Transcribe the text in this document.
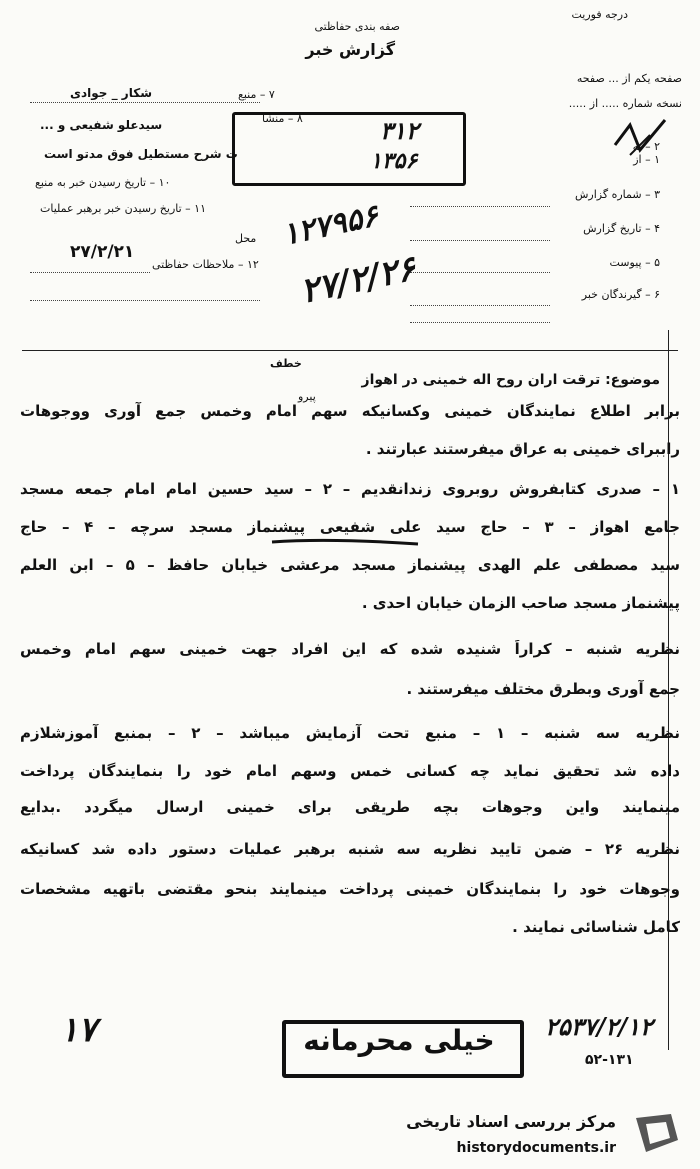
درجه فوریت
صفه بندی حفاظتی
گزارش خبر
صفحه یکم از ... صفحه
نسخه شماره ..... از .....
۱ – از
۲ – به
۳ – شماره گزارش
۴ – تاریخ گزارش
۵ – پیوست
۶ – گیرندگان خبر
۷ – منبع
شكار _ جوادی
۸ – منشا
سیدعلو شفیعی و ...
ت شرح مستطیل فوق مدتو است
۱۰ – تاریخ رسیدن خبر به منبع
۱۱ – تاریخ رسیدن خبر برهبر عملیات
محل
۲۷/۲/۲۱
۱۲ – ملاحظات حفاظتی
۳۱۲
۱۳۵۶
۱۲۷۹۵۶
۲۷/۲/۲۶
خطف
موضوع: ترقت اران روح اله خمینی در اهواز
پیرو
برابر اطلاع نمایندگان خمینی وکسانیکه سهم امام وخمس جمع آوری ووجوهات
راببرای خمینی به عراق میفرستند عبارتند .
۱ – صدری کتابفروش روبروی زندانقدیم – ۲ – سید حسین امام امام جمعه مسجد
جامع اهواز – ۳ – حاج سید علی شفیعی پیشنماز مسجد سرچه – ۴ – حاج
سید مصطفی علم الهدی پیشنماز مسجد مرعشی خیابان حافظ – ۵ – ابن العلم
پیشنماز مسجد صاحب الزمان خیابان احدی .
نظریه شنبه – کراراً شنیده شده که این افراد جهت خمینی سهم امام وخمس
جمع آوری وبطرق مختلف میفرستند .
نظریه سه شنبه – ۱ – منبع تحت آزمایش میباشد – ۲ – بمنبع آموزشلازم
داده شد تحقیق نماید چه کسانی خمس وسهم امام خود را بنمایندگان پرداخت
مینمایند واین وجوهات بچه طریقی برای خمینی ارسال میگردد .بدایع
نظریه ۲۶ – ضمن تایید نظریه سه شنبه برهبر عملیات دستور داده شد کسانیکه
وجوهات خود را بنمایندگان خمینی پرداخت مینمایند بنحو مقتضی باتهیه مشخصات
کامل شناسائی نمایند .
۱۷	خیلی محرمانه	۲۵۳۷/۲/۱۲
۵۲-۱۳۱
مرکز بررسی اسناد تاریخی
historydocuments.ir
